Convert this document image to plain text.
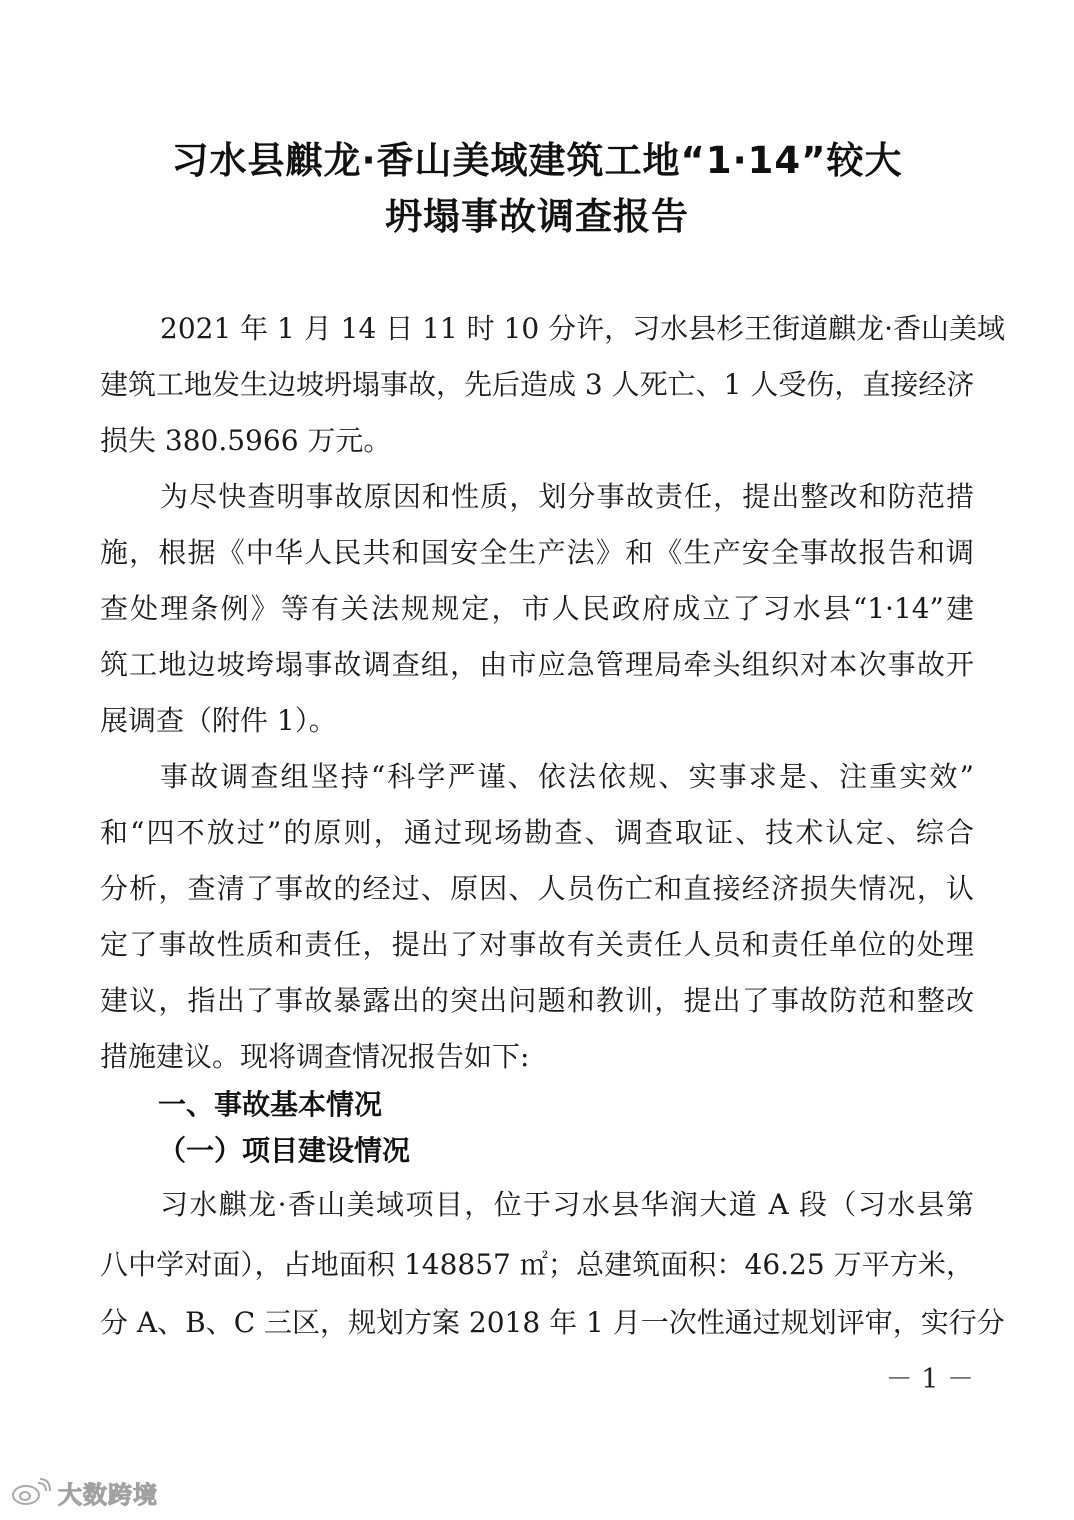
习水县麒龙·香山美域建筑工地“1·14”较大
坍塌事故调查报告
2021 年 1 月 14 日 11 时 10 分许，习水县杉王街道麒龙·香山美域
建筑工地发生边坡坍塌事故，先后造成 3 人死亡、1 人受伤，直接经济
损失 380.5966 万元。
为尽快查明事故原因和性质，划分事故责任，提出整改和防范措
施，根据《中华人民共和国安全生产法》和《生产安全事故报告和调
查处理条例》等有关法规规定，市人民政府成立了习水县“1·14”建
筑工地边坡垮塌事故调查组，由市应急管理局牵头组织对本次事故开
展调查（附件 1）。
事故调查组坚持“科学严谨、依法依规、实事求是、注重实效”
和“四不放过”的原则，通过现场勘查、调查取证、技术认定、综合
分析，查清了事故的经过、原因、人员伤亡和直接经济损失情况，认
定了事故性质和责任，提出了对事故有关责任人员和责任单位的处理
建议，指出了事故暴露出的突出问题和教训，提出了事故防范和整改
措施建议。现将调查情况报告如下:
一、事故基本情况
（一）项目建设情况
习水麒龙·香山美域项目，位于习水县华润大道 A 段（习水县第
八中学对面），占地面积 148857 ㎡；总建筑面积：46.25 万平方米，
分 A、B、C 三区，规划方案 2018 年 1 月一次性通过规划评审，实行分
－ 1 －
大数跨境
